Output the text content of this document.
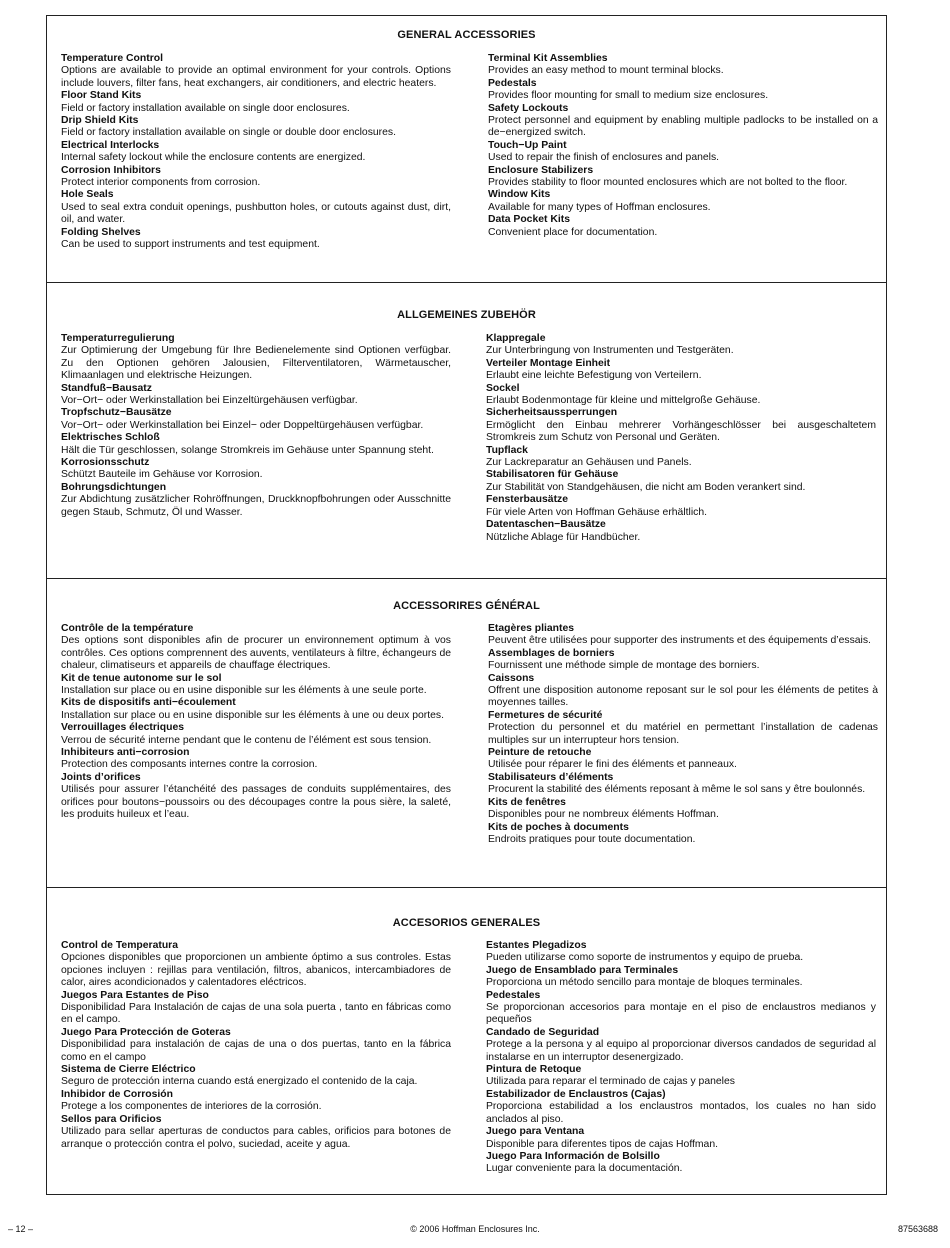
GENERAL ACCESSORIES
Temperature Control
Options are available to provide an optimal environment for your controls. Options include louvers, filter fans, heat exchangers, air conditioners, and electric heaters.
Floor Stand Kits
Field or factory installation available on single door enclosures.
Drip Shield Kits
Field or factory installation available on single or double door enclosures.
Electrical Interlocks
Internal safety lockout while the enclosure contents are energized.
Corrosion Inhibitors
Protect interior components from corrosion.
Hole Seals
Used to seal extra conduit openings, pushbutton holes, or cutouts against dust, dirt, oil, and water.
Folding Shelves
Can be used to support instruments and test equipment.
Terminal Kit Assemblies
Provides an easy method to mount terminal blocks.
Pedestals
Provides floor mounting for small to medium size enclosures.
Safety Lockouts
Protect personnel and equipment by enabling multiple padlocks to be installed on a de−energized switch.
Touch−Up Paint
Used to repair the finish of enclosures and panels.
Enclosure Stabilizers
Provides stability to floor mounted enclosures which are not bolted to the floor.
Window Kits
Available for many types of Hoffman enclosures.
Data Pocket Kits
Convenient place for documentation.
ALLGEMEINES ZUBEHÖR
Temperaturregulierung
Zur Optimierung der Umgebung für Ihre Bedienelemente sind Optionen verfügbar. Zu den Optionen gehören Jalousien, Filterventilatoren, Wärmetauscher, Klimaanlagen und elektrische Heizungen.
Standfuß−Bausatz
Vor−Ort− oder Werkinstallation bei Einzeltürgehäusen verfügbar.
Tropfschutz−Bausätze
Vor−Ort− oder Werkinstallation bei Einzel− oder Doppeltürgehäusen verfügbar.
Elektrisches Schloß
Hält die Tür geschlossen, solange Stromkreis im Gehäuse unter Spannung steht.
Korrosionsschutz
Schützt Bauteile im Gehäuse vor Korrosion.
Bohrungsdichtungen
Zur Abdichtung zusätzlicher Rohröffnungen, Druckknopfbohrungen oder Ausschnitte gegen Staub, Schmutz, Öl und Wasser.
Klappregale
Zur Unterbringung von Instrumenten und Testgeräten.
Verteiler Montage Einheit
Erlaubt eine leichte Befestigung von Verteilern.
Sockel
Erlaubt Bodenmontage für kleine und mittelgroße Gehäuse.
Sicherheitsaussperrungen
Ermöglicht den Einbau mehrerer Vorhängeschlösser bei ausgeschaltetem Stromkreis zum Schutz von Personal und Geräten.
Tupflack
Zur Lackreparatur an Gehäusen und Panels.
Stabilisatoren für Gehäuse
Zur Stabilität von Standgehäusen, die nicht am Boden verankert sind.
Fensterbausätze
Für viele Arten von Hoffman Gehäuse erhältlich.
Datentaschen−Bausätze
Nützliche Ablage für Handbücher.
ACCESSORIRES GÉNÉRAL
Contrôle de la température
Des options sont disponibles afin de procurer un environnement optimum à vos contrôles. Ces options comprennent des auvents, ventilateurs à filtre, échangeurs de chaleur, climatiseurs et appareils de chauffage électriques.
Kit de tenue autonome sur le sol
Installation sur place ou en usine disponible sur les éléments à une seule porte.
Kits de dispositifs anti−écoulement
Installation sur place ou en usine disponible sur les éléments à une ou deux portes.
Verrouillages électriques
Verrou de sécurité interne pendant que le contenu de l’élément est sous tension.
Inhibiteurs anti−corrosion
Protection des composants internes contre la corrosion.
Joints d’orifices
Utilisés pour assurer l’étanchéité des passages de conduits supplémentaires, des orifices pour boutons−poussoirs ou des découpages contre la pous sière, la saleté, les produits huileux et l’eau.
Etagères pliantes
Peuvent être utilisées pour supporter des instruments et des équipements d’essais.
Assemblages de borniers
Fournissent une méthode simple de montage des borniers.
Caissons
Offrent une disposition autonome reposant sur le sol pour les éléments de petites à moyennes tailles.
Fermetures de sécurité
Protection du personnel et du matériel en permettant l’installation de cadenas multiples sur un interrupteur hors tension.
Peinture de retouche
Utilisée pour réparer le fini des éléments et panneaux.
Stabilisateurs d’éléments
Procurent la stabilité des éléments reposant à même le sol sans y être boulonnés.
Kits de fenêtres
Disponibles pour ne nombreux éléments Hoffman.
Kits de poches à documents
Endroits pratiques pour toute documentation.
ACCESORIOS GENERALES
Control de Temperatura
Opciones disponibles que proporcionen un ambiente óptimo a sus controles. Estas opciones incluyen : rejillas para ventilación, filtros, abanicos, intercambiadores de calor, aires acondicionados y calentadores eléctricos.
Juegos Para Estantes de Piso
Disponibilidad Para Instalación de cajas de una sola puerta , tanto en fábricas como en el campo.
Juego Para Protección de Goteras
Disponibilidad para instalación de cajas de una o dos puertas, tanto en la fábrica como en el campo
Sistema de Cierre Eléctrico
Seguro de protección interna cuando está energizado el contenido de la caja.
Inhibidor de Corrosión
Protege a los componentes de interiores de la corrosión.
Sellos para Orificios
Utilizado para sellar aperturas de conductos para cables, orificios para botones de arranque o protección contra el polvo, suciedad, aceite y agua.
Estantes Plegadizos
Pueden utilizarse como soporte de instrumentos y equipo de prueba.
Juego de Ensamblado para Terminales
Proporciona un método sencillo para montaje de bloques terminales.
Pedestales
Se proporcionan accesorios para montaje en el piso de enclaustros medianos y pequeños
Candado de Seguridad
Protege a la persona y al equipo al proporcionar diversos candados de seguridad al instalarse en un interruptor desenergizado.
Pintura de Retoque
Utilizada para reparar el terminado de cajas y paneles
Estabilizador de Enclaustros (Cajas)
Proporciona estabilidad a los enclaustros montados, los cuales no han sido anclados al piso.
Juego para Ventana
Disponible para diferentes tipos de cajas Hoffman.
Juego Para Información de Bolsillo
Lugar conveniente para la documentación.
– 12 –	© 2006 Hoffman Enclosures Inc.	87563688
